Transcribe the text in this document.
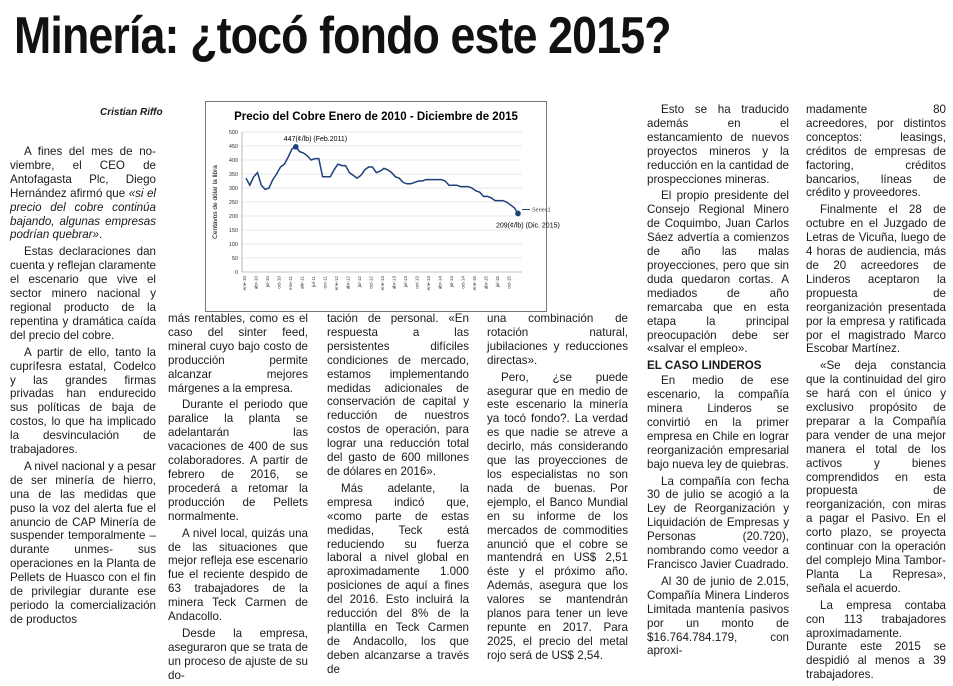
Minería: ¿tocó fondo este 2015?
Cristian Riffo

A fines del mes de no-viembre, el CEO de Antofagasta Plc, Diego Hernández afirmó que «si el precio del cobre continúa bajando, algunas empresas podrían quebrar».

Estas declaraciones dan cuenta y reflejan claramente el escenario que vive el sector minero nacional y regional producto de la repentina y dramática caída del precio del cobre.

A partir de ello, tanto la cuprífesra estatal, Codelco y las grandes firmas privadas han endurecido sus políticas de baja de costos, lo que ha implicado la desvinculación de trabajadores.

A nivel nacional y a pesar de ser minería de hierro, una de las medidas que puso la voz del alerta fue el anuncio de CAP Minería de suspender temporalmente – durante unmes- sus operaciones en la Planta de Pellets de Huasco con el fin de privilegiar durante ese periodo la comercialización de productos

Precio del Cobre Enero de 2010 - Diciembre de 2015
Centavos de dólar la libra
0
50
100
150
200
250
300
350
400
450
500
ene-10 abr-10 jul-10 oct-10 ene-11 abr-11 jul-11 oct-11 ene-12 abr-12 jul-12 oct-12 ene-13 abr-13 jul-13 oct-13 ene-14 abr-14 jul-14 oct-14 ene-15 abr-15 jul-15 oct-15
447(¢/lb) (Feb.2011)
209(¢/lb) (Dic. 2015)
Series1

más rentables, como es el caso del sinter feed, mineral cuyo bajo costo de producción permite alcanzar mejores márgenes a la empresa.

Durante el periodo que paralice la planta se adelantarán las vacaciones de 400 de sus colaboradores. A partir de febrero de 2016, se procederá a retomar la producción de Pellets normalmente.

A nivel local, quizás una de las situaciones que mejor refleja ese escenario fue el reciente despido de 63 trabajadores de la minera Teck Carmen de Andacollo.

Desde la empresa, aseguraron que se trata de un proceso de ajuste de su do-

tación de personal. «En respuesta a las persistentes difíciles condiciones de mercado, estamos implementando medidas adicionales de conservación de capital y reducción de nuestros costos de operación, para lograr una reducción total del gasto de 600 millones de dólares en 2016».

Más adelante, la empresa indicó que, «como parte de estas medidas, Teck está reduciendo su fuerza laboral a nivel global en aproximadamente 1.000 posiciones de aquí a fines del 2016. Esto incluirá la reducción del 8% de la plantilla en Teck Carmen de Andacollo, los que deben alcanzarse a través de

una combinación de rotación natural, jubilaciones y reducciones directas».

Pero, ¿se puede asegurar que en medio de este escenario la minería ya tocó fondo?. La verdad es que nadie se atreve a decirlo, más considerando que las proyecciones de los especialistas no son nada de buenas. Por ejemplo, el Banco Mundial en su informe de los mercados de commodities anunció que el cobre se mantendrá en US$ 2,51 éste y el próximo año. Además, asegura que los valores se mantendrán planos para tener un leve repunte en 2017. Para 2025, el precio del metal rojo será de US$ 2,54.

Esto se ha traducido además en el estancamiento de nuevos proyectos mineros y la reducción en la cantidad de prospecciones mineras.

El propio presidente del Consejo Regional Minero de Coquimbo, Juan Carlos Sáez advertía a comienzos de año las malas proyecciones, pero que sin duda quedaron cortas. A mediados de año remarcaba que en esta etapa la principal preocupación debe ser «salvar el empleo».

EL CASO LINDEROS

En medio de ese escenario, la compañía minera Linderos se convirtió en la primer empresa en Chile en lograr reorganización empresarial bajo nueva ley de quiebras.

La compañía con fecha 30 de julio se acogió a la Ley de Reorganización y Liquidación de Empresas y Personas (20.720), nombrando como veedor a Francisco Javier Cuadrado.

Al 30 de junio de 2.015, Compañía Minera Linderos Limitada mantenía pasivos por un monto de $16.764.784.179, con aproxi-

madamente 80 acreedores, por distintos conceptos: leasings, créditos de empresas de factoring, créditos bancarios, líneas de crédito y proveedores.

Finalmente el 28 de octubre en el Juzgado de Letras de Vicuña, luego de 4 horas de audiencia, más de 20 acreedores de Linderos aceptaron la propuesta de reorganización presentada por la empresa y ratificada por el magistrado Marco Escobar Martínez.

«Se deja constancia que la continuidad del giro se hará con el único y exclusivo propósito de preparar a la Compañía para vender de una mejor manera el total de los activos y bienes comprendidos en esta propuesta de reorganización, con miras a pagar el Pasivo. En el corto plazo, se proyecta continuar con la operación del complejo Mina Tambor-Planta La Represa», señala el acuerdo.

La empresa contaba con 113 trabajadores aproximadamente. Durante este 2015 se despidió al menos a 39 trabajadores.
